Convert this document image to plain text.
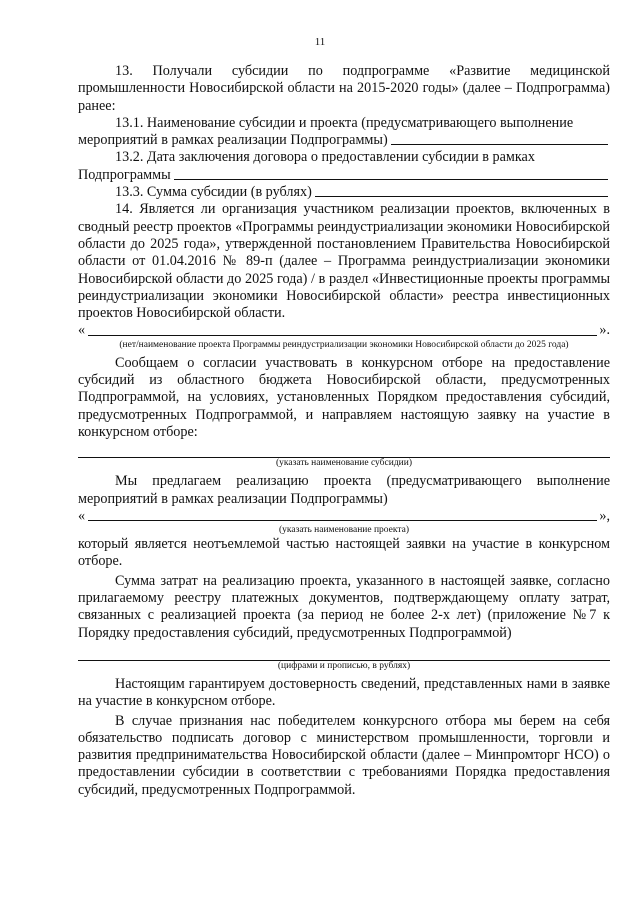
11

13. Получали субсидии по подпрограмме «Развитие медицинской промышленности Новосибирской области на 2015-2020 годы» (далее – Подпрограмма) ранее:

13.1. Наименование субсидии и проекта (предусматривающего выполнение

мероприятий в рамках реализации Подпрограммы)

13.2. Дата заключения договора о предоставлении субсидии в рамках

Подпрограммы
13.3. Сумма субсидии (в рублях)

14. Является ли организация участником реализации проектов, включенных в сводный реестр проектов «Программы реиндустриализации экономики Новосибирской области до 2025 года», утвержденной постановлением Правительства Новосибирской области от 01.04.2016 № 89-п (далее – Программа реиндустриализации экономики Новосибирской области до 2025 года) / в раздел «Инвестиционные проекты программы реиндустриализации экономики Новосибирской области» реестра инвестиционных проектов Новосибирской области.

«	».

(нет/наименование проекта Программы реиндустриализации экономики Новосибирской области до 2025 года)

Сообщаем о согласии участвовать в конкурсном отборе на предоставление субсидий из областного бюджета Новосибирской области, предусмотренных Подпрограммой, на условиях, установленных Порядком предоставления субсидий, предусмотренных Подпрограммой, и направляем настоящую заявку на участие в конкурсном отборе:

(указать наименование субсидии)

Мы предлагаем реализацию проекта (предусматривающего выполнение мероприятий в рамках реализации Подпрограммы)

«	»,

(указать наименование проекта)

который является неотъемлемой частью настоящей заявки на участие в конкурсном отборе.

Сумма затрат на реализацию проекта, указанного в настоящей заявке, согласно прилагаемому реестру платежных документов, подтверждающему оплату затрат, связанных с реализацией проекта (за период не более 2-х лет) (приложение №7 к Порядку предоставления субсидий, предусмотренных Подпрограммой)

(цифрами и прописью, в рублях)

Настоящим гарантируем достоверность сведений, представленных нами в заявке на участие в конкурсном отборе.

В случае признания нас победителем конкурсного отбора мы берем на себя обязательство подписать договор с министерством промышленности, торговли и развития предпринимательства Новосибирской области (далее – Минпромторг НСО) о предоставлении субсидии в соответствии с требованиями Порядка предоставления субсидий, предусмотренных Подпрограммой.
